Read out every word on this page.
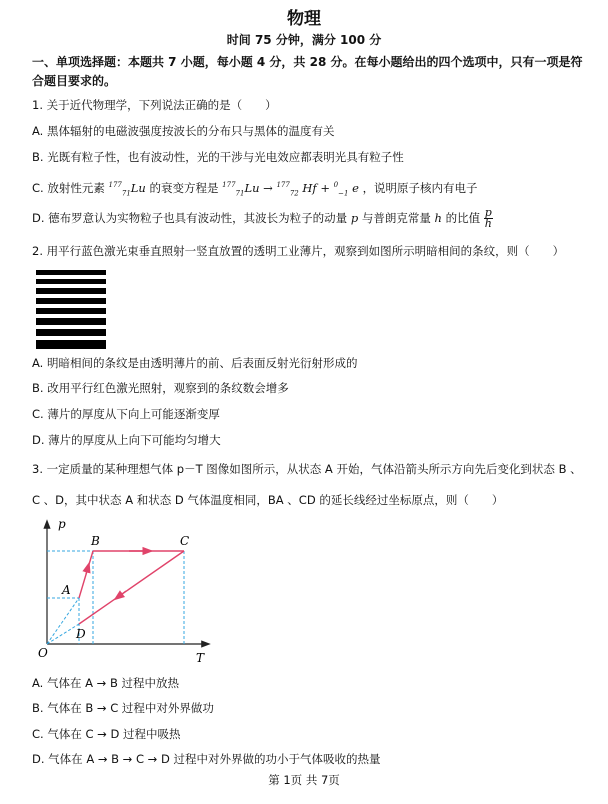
物理
时间 75 分钟，满分 100 分
一、单项选择题：本题共 7 小题，每小题 4 分，共 28 分。在每小题给出的四个选项中，只有一项是符合题目要求的。
1. 关于近代物理学，下列说法正确的是（　　）
A. 黑体辐射的电磁波强度按波长的分布只与黑体的温度有关
B. 光既有粒子性，也有波动性，光的干涉与光电效应都表明光具有粒子性
C. 放射性元素 $^{177}_{71}$Lu 的衰变方程是 $^{177}_{71}$Lu → $^{177}_{72}$ Hf + $^0_{-1}$ e ，说明原子核内有电子
D. 德布罗意认为实物粒子也具有波动性，其波长为粒子的动量 p 与普朗克常量 h 的比值 $\frac{p}{h}$
2. 用平行蓝色激光束垂直照射一竖直放置的透明工业薄片，观察到如图所示明暗相间的条纹，则（　　）
A. 明暗相间的条纹是由透明薄片的前、后表面反射光衍射形成的
B. 改用平行红色激光照射，观察到的条纹数会增多
C. 薄片的厚度从下向上可能逐渐变厚
D. 薄片的厚度从上向下可能均匀增大
3. 一定质量的某种理想气体 p－T 图像如图所示，从状态 A 开始，气体沿箭头所示方向先后变化到状态 B 、
C 、D，其中状态 A 和状态 D 气体温度相同，BA 、CD 的延长线经过坐标原点，则（　　）
p
T
O
A
B	C
D
A. 气体在 A → B 过程中放热
B. 气体在 B → C 过程中对外界做功
C. 气体在 C → D 过程中吸热
D. 气体在 A → B → C → D 过程中对外界做的功小于气体吸收的热量
第 1页 共 7页
